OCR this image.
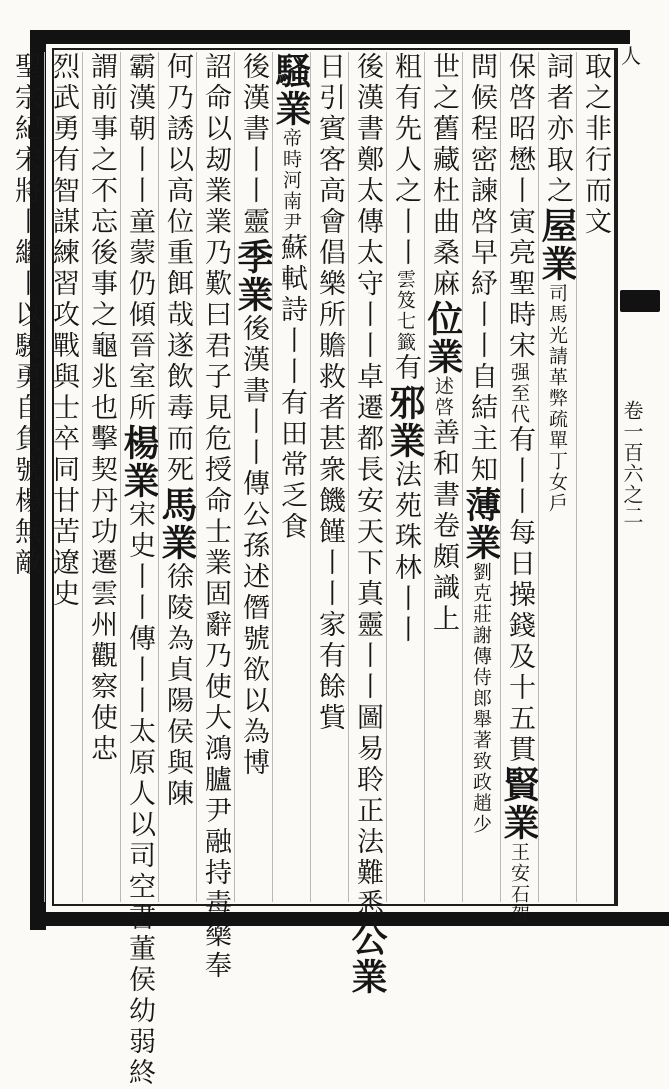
人
卷一百六之二
取之非行而文
詞者亦取之屋業司馬光請革弊疏單丁女戶
保啓昭懋丨寅亮聖時宋强至代有丨丨每日操錢及十五貫賢業王安石賀
問候程密諫啓早紓丨丨自結主知薄業劉克莊謝傳侍郎舉著致政趙少
世之舊藏杜曲桑麻位業述啓善和書卷頗識上
粗有先人之丨丨雲笈七籤有邪業法苑珠林丨丨
後漢書鄭太傳太守丨丨卓遷都長安天下真靈丨丨圖易聆正法難悉公業
日引賓客高會倡樂所贍救者甚衆饑饉丨丨家有餘貲
騷業帝時河南尹蘇軾詩丨丨有田常乏食
後漢書丨丨靈季業後漢書丨丨傳公孫述僭號欲以為博
詔命以刼業業乃歎曰君子見危授命士業固辭乃使大鴻臚尹融持毒藥奉
何乃誘以高位重餌哉遂飲毒而死馬業徐陵為貞陽侯與陳
霸漢朝丨丨童蒙仍傾晉室所楊業宋史丨丨傳丨丨太原人以司空書董侯幼弱終
謂前事之不忘後事之龜兆也擊契丹功遷雲州觀察使忠
烈武勇有智謀練習攻戰與士卒同甘苦遼史
聖宗紀宋將丨繼丨以驍勇自負號楊無敵
